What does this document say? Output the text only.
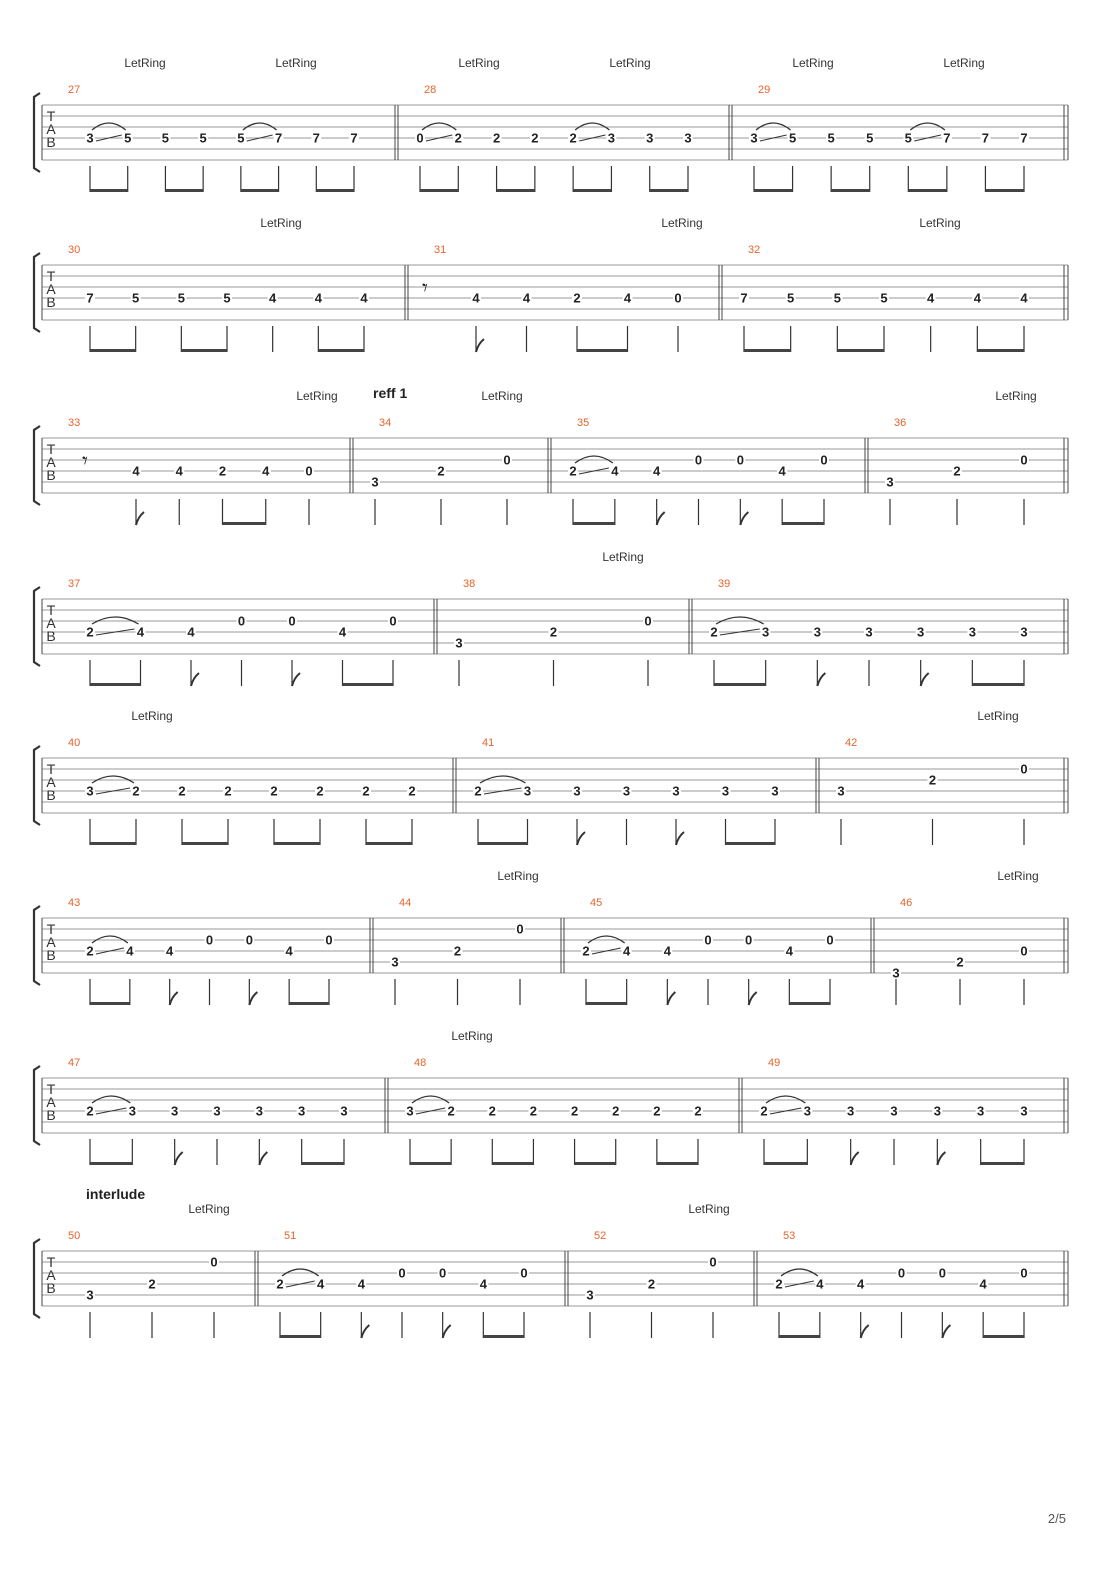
T
A
B
LetRing	LetRing	LetRing	LetRing	LetRing	LetRing
27
3 5 5 5 5 7 7 7
28
0 2 2 2 2 3 3 3
29
3 5 5 5 5 7 7 7
T
A
B
LetRing	LetRing	LetRing
30
7	5	5	5	4	4	4
31
𝄾	4	4	2	4	0
32
7	5	5	5	4	4	4
T
A
B
LetRing	LetRing	LetRing
reff 1
33
𝄾	4	4	2	4	0
34
3
2
0
35
2	4	4
0	0
4
0
36
3
2
0
T
A
B
LetRing
37
2	4	4
0	0
4
0
38
3
2
0
39
2	3	3	3	3	3	3
T
A
B
LetRing	LetRing
40
3	2	2	2	2	2	2	2
41
2	3	3	3	3	3	3
42
3
2
0
T
A
B
LetRing	LetRing
43
2	4	4
0	0
4
0
44
3
2
0
45
2	4	4
0	0
4
0
46
3
2
0
T
A
B
LetRing
47
2	3	3	3	3	3	3
48
3	2	2	2	2	2	2	2
49
2	3	3	3	3	3	3
T
A
B
LetRing	LetRing
interlude
50
3
2
0
51
2	4	4
0	0
4
0
52
3
2
0
53
2	4	4
0	0
4
0
2/5
